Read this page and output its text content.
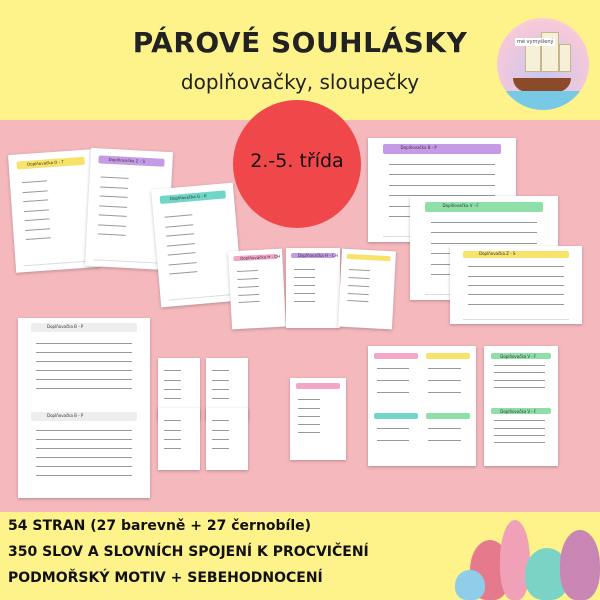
PÁROVÉ SOUHLÁSKY
doplňovačky, sloupečky
mé vymyšlený
Doplňovačka D - T	Doplňovačka Z - S
Doplňovačka G - K
2.-5. třída
Doplňovačka B - P
Doplňovačka V - F
Doplňovačka Z - S
Doplňovačka H - CH	Doplňovačka H - CH
Doplňovačka B - P
Doplňovačka B - P
Doplňovačka V - F
Doplňovačka V - F
54 STRAN (27 barevně + 27 černobíle)
350 SLOV A SLOVNÍCH SPOJENÍ K PROCVIČENÍ
PODMOŘSKÝ MOTIV + SEBEHODNOCENÍ
